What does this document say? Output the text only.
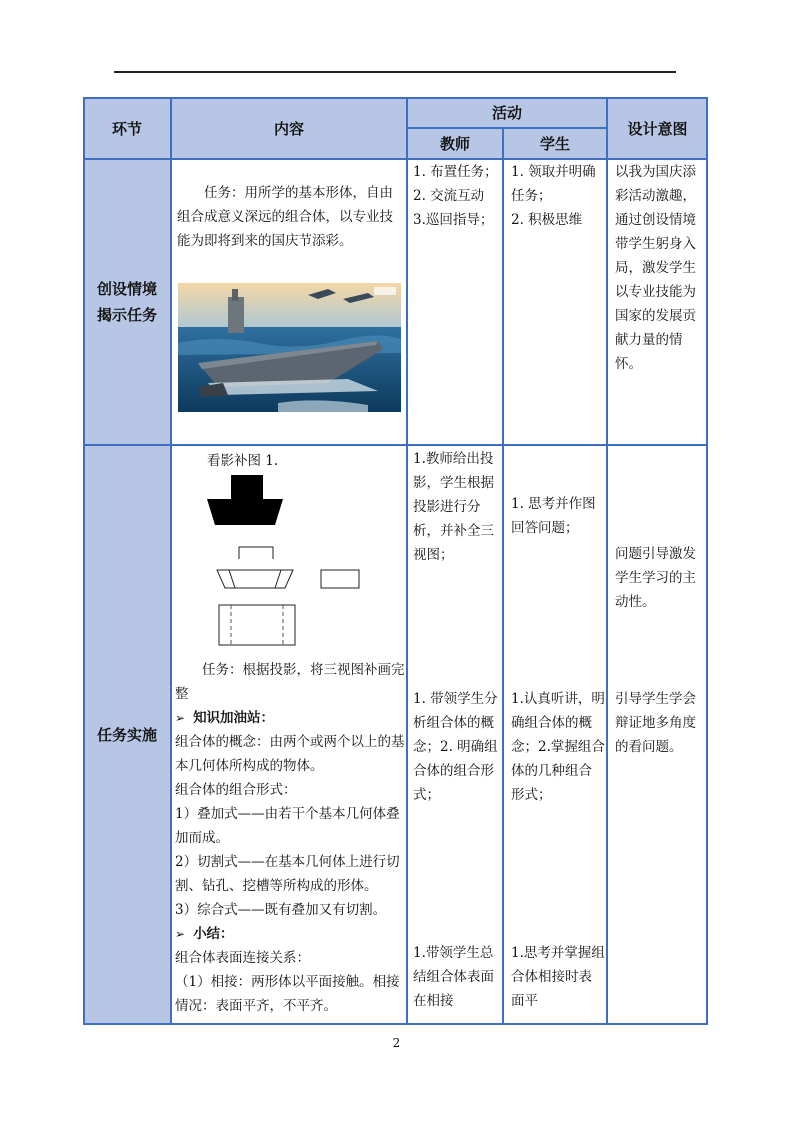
环节	内容
活动
教师	学生
设计意图
创设情境揭示任务
任务实施

任务：用所学的基本形体，自由组合成意义深远的组合体，以专业技能为即将到来的国庆节添彩。

1. 布置任务；

2. 交流互动

3.巡回指导；

1. 领取并明确任务；

2. 积极思维

以我为国庆添彩活动激趣，通过创设情境带学生躬身入局，激发学生以专业技能为国家的发展贡献力量的情怀。

看影补图 1.

任务：根据投影，将三视图补画完整

➢ 知识加油站：

组合体的概念：由两个或两个以上的基本几何体所构成的物体。

组合体的组合形式：

1）叠加式——由若干个基本几何体叠加而成。

2）切割式——在基本几何体上进行切割、钻孔、挖槽等所构成的形体。

3）综合式——既有叠加又有切割。

➢ 小结：

组合体表面连接关系：

（1）相接：两形体以平面接触。相接情况：表面平齐，不平齐。

1.教师给出投影，学生根据投影进行分析，并补全三视图；
1. 带领学生分析组合体的概念；2. 明确组合体的组合形式；
1.带领学生总结组合体表面在相接
1. 思考并作图回答问题；
1.认真听讲，明确组合体的概念；2.掌握组合体的几种组合形式；
1.思考并掌握组合体相接时表面平
问题引导激发学生学习的主动性。
引导学生学会辩证地多角度的看问题。
2
